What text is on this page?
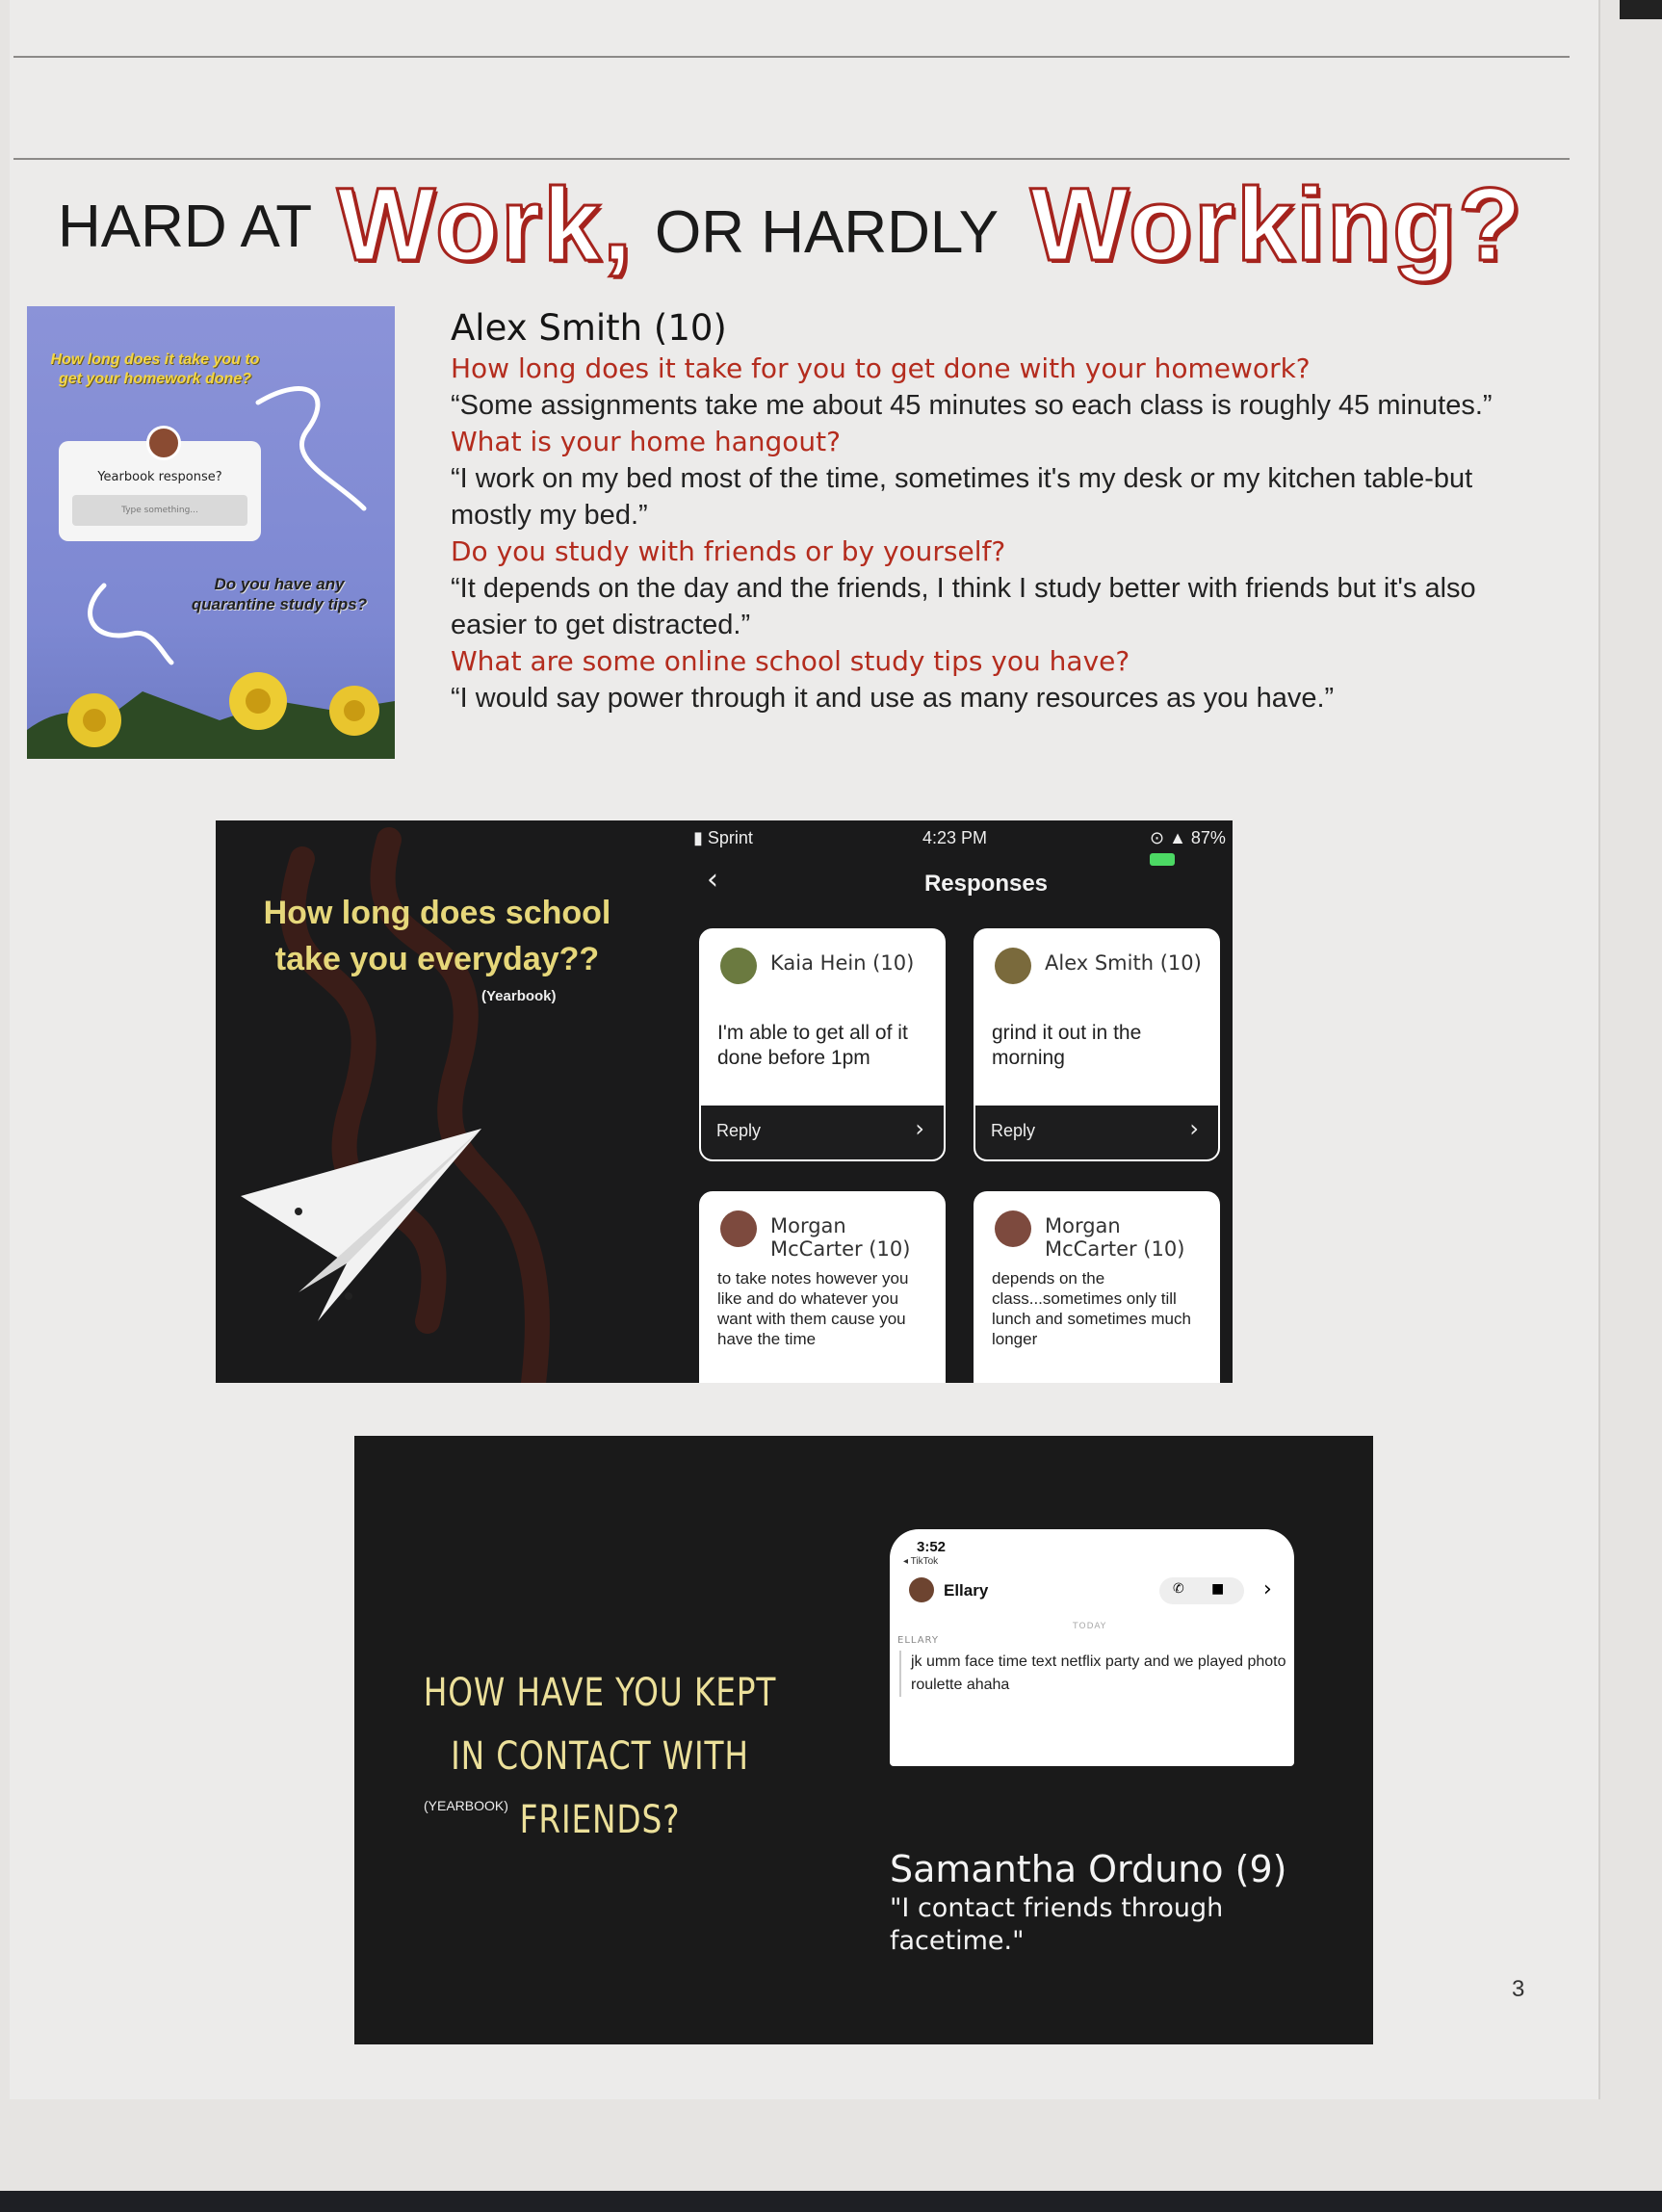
HARD AT Work, OR HARDLY Working?
How long does it take you to get your homework done?
Yearbook response?
Type something...
Do you have any quarantine study tips?
Alex Smith (10)
How long does it take for you to get done with your homework?
“Some assignments take me about 45 minutes so each class is roughly 45 minutes.”
What is your home hangout?
“I work on my bed most of the time, sometimes it's my desk or my kitchen table-but mostly my bed.”
Do you study with friends or by yourself?
“It depends on the day and the friends, I think I study better with friends but it's also easier to get distracted.”
What are some online school study tips you have?
“I would say power through it and use as many resources as you have.”
How long does school take you everyday??
(Yearbook)
▮ Sprint	4:23 PM	⊙ ▲ 87%
‹	Responses
Kaia Hein (10)
I'm able to get all of it done before 1pm
Reply	›
Alex Smith (10)
grind it out in the morning
Reply	›
Morgan McCarter (10)
to take notes however you like and do whatever you want with them cause you have the time
Morgan McCarter (10)
depends on the class...sometimes only till lunch and sometimes much longer
HOW HAVE YOU KEPT IN CONTACT WITH FRIENDS?
(YEARBOOK)
3:52
◂ TikTok
Ellary	✆ ■ ›
TODAY
ELLARY
jk umm face time text netflix party and we played photo roulette ahaha
Samantha Orduno (9)
"I contact friends through facetime."
3
